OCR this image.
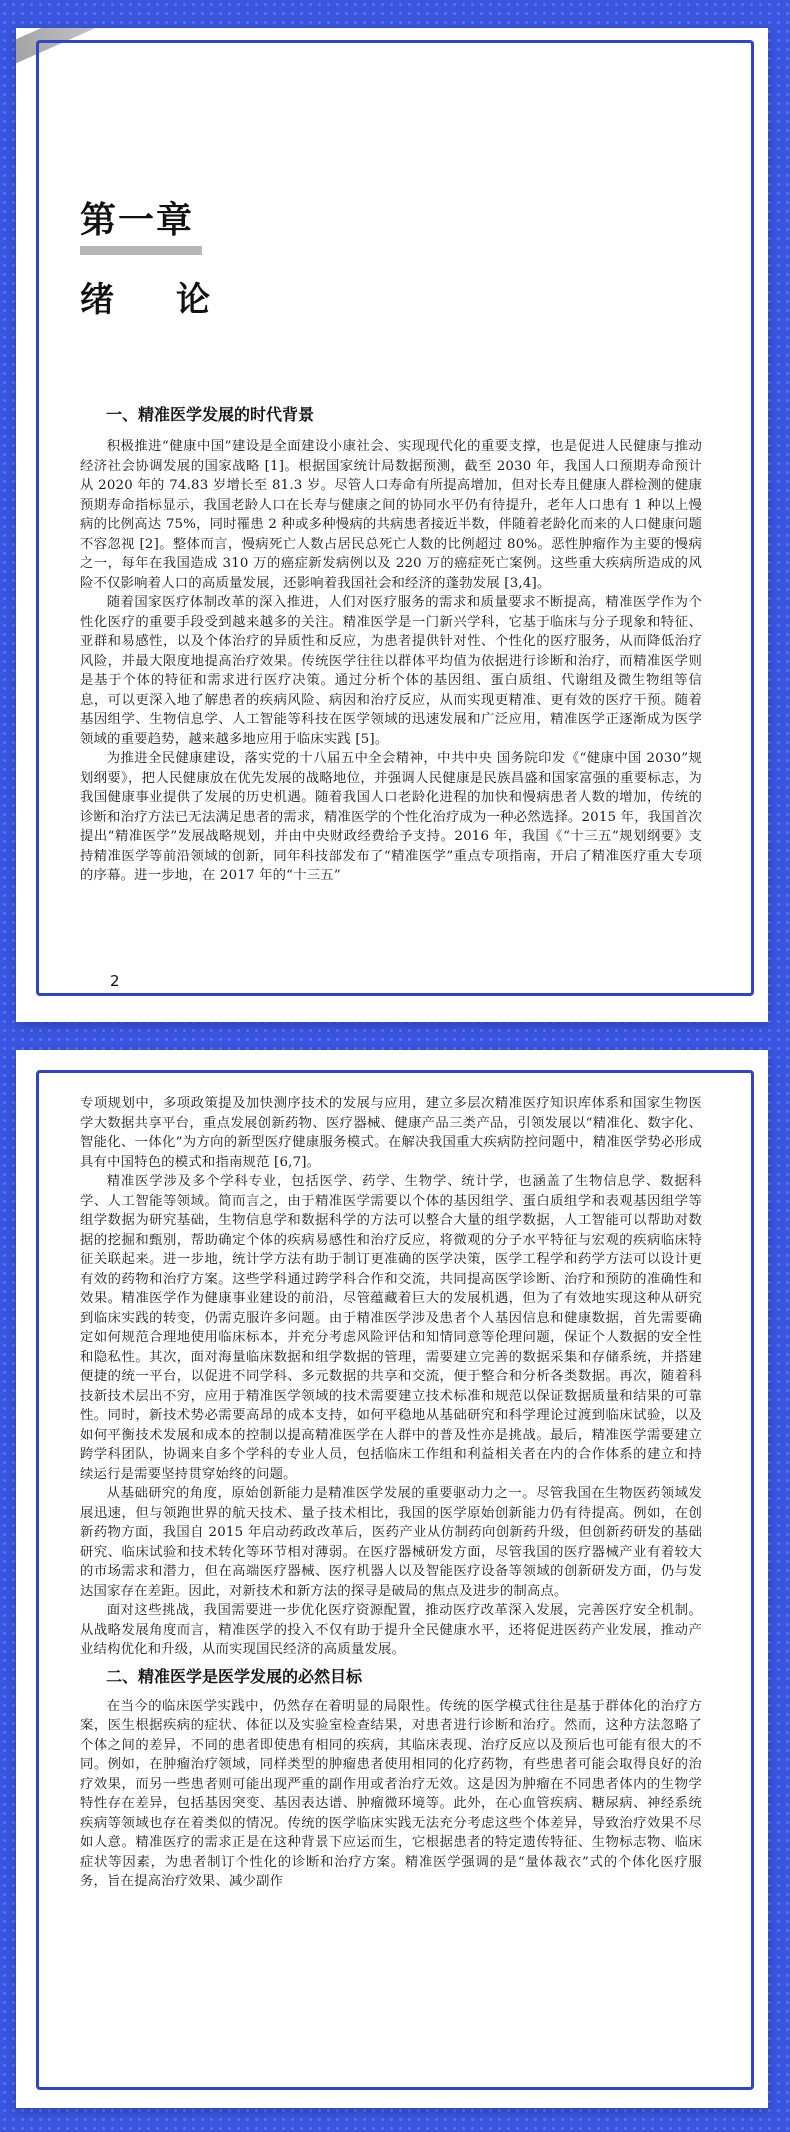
第一章
绪论
一、精准医学发展的时代背景

积极推进“健康中国”建设是全面建设小康社会、实现现代化的重要支撑，也是促进人民健康与推动经济社会协调发展的国家战略 [1]。根据国家统计局数据预测，截至 2030 年，我国人口预期寿命预计从 2020 年的 74.83 岁增长至 81.3 岁。尽管人口寿命有所提高增加，但对长寿且健康人群检测的健康预期寿命指标显示，我国老龄人口在长寿与健康之间的协同水平仍有待提升，老年人口患有 1 种以上慢病的比例高达 75%，同时罹患 2 种或多种慢病的共病患者接近半数，伴随着老龄化而来的人口健康问题不容忽视 [2]。整体而言，慢病死亡人数占居民总死亡人数的比例超过 80%。恶性肿瘤作为主要的慢病之一，每年在我国造成 310 万的癌症新发病例以及 220 万的癌症死亡案例。这些重大疾病所造成的风险不仅影响着人口的高质量发展，还影响着我国社会和经济的蓬勃发展 [3,4]。

随着国家医疗体制改革的深入推进，人们对医疗服务的需求和质量要求不断提高，精准医学作为个性化医疗的重要手段受到越来越多的关注。精准医学是一门新兴学科，它基于临床与分子现象和特征、亚群和易感性，以及个体治疗的异质性和反应，为患者提供针对性、个性化的医疗服务，从而降低治疗风险，并最大限度地提高治疗效果。传统医学往往以群体平均值为依据进行诊断和治疗，而精准医学则是基于个体的特征和需求进行医疗决策。通过分析个体的基因组、蛋白质组、代谢组及微生物组等信息，可以更深入地了解患者的疾病风险、病因和治疗反应，从而实现更精准、更有效的医疗干预。随着基因组学、生物信息学、人工智能等科技在医学领域的迅速发展和广泛应用，精准医学正逐渐成为医学领域的重要趋势，越来越多地应用于临床实践 [5]。

为推进全民健康建设，落实党的十八届五中全会精神，中共中央 国务院印发《“健康中国 2030”规划纲要》，把人民健康放在优先发展的战略地位，并强调人民健康是民族昌盛和国家富强的重要标志，为我国健康事业提供了发展的历史机遇。随着我国人口老龄化进程的加快和慢病患者人数的增加，传统的诊断和治疗方法已无法满足患者的需求，精准医学的个性化治疗成为一种必然选择。2015 年，我国首次提出“精准医学”发展战略规划，并由中央财政经费给予支持。2016 年，我国《“十三五”规划纲要》支持精准医学等前沿领域的创新，同年科技部发布了“精准医学”重点专项指南，开启了精准医疗重大专项的序幕。进一步地，在 2017 年的“十三五”

2

专项规划中，多项政策提及加快测序技术的发展与应用，建立多层次精准医疗知识库体系和国家生物医学大数据共享平台，重点发展创新药物、医疗器械、健康产品三类产品，引领发展以“精准化、数字化、智能化、一体化”为方向的新型医疗健康服务模式。在解决我国重大疾病防控问题中，精准医学势必形成具有中国特色的模式和指南规范 [6,7]。

精准医学涉及多个学科专业，包括医学、药学、生物学、统计学，也涵盖了生物信息学、数据科学、人工智能等领域。简而言之，由于精准医学需要以个体的基因组学、蛋白质组学和表观基因组学等组学数据为研究基础，生物信息学和数据科学的方法可以整合大量的组学数据，人工智能可以帮助对数据的挖掘和甄别，帮助确定个体的疾病易感性和治疗反应，将微观的分子水平特征与宏观的疾病临床特征关联起来。进一步地，统计学方法有助于制订更准确的医学决策，医学工程学和药学方法可以设计更有效的药物和治疗方案。这些学科通过跨学科合作和交流，共同提高医学诊断、治疗和预防的准确性和效果。精准医学作为健康事业建设的前沿，尽管蕴藏着巨大的发展机遇，但为了有效地实现这种从研究到临床实践的转变，仍需克服许多问题。由于精准医学涉及患者个人基因信息和健康数据，首先需要确定如何规范合理地使用临床标本，并充分考虑风险评估和知情同意等伦理问题，保证个人数据的安全性和隐私性。其次，面对海量临床数据和组学数据的管理，需要建立完善的数据采集和存储系统，并搭建便捷的统一平台，以促进不同学科、多元数据的共享和交流，便于整合和分析各类数据。再次，随着科技新技术层出不穷，应用于精准医学领域的技术需要建立技术标准和规范以保证数据质量和结果的可靠性。同时，新技术势必需要高昂的成本支持，如何平稳地从基础研究和科学理论过渡到临床试验，以及如何平衡技术发展和成本的控制以提高精准医学在人群中的普及性亦是挑战。最后，精准医学需要建立跨学科团队，协调来自多个学科的专业人员，包括临床工作组和利益相关者在内的合作体系的建立和持续运行是需要坚持贯穿始终的问题。

从基础研究的角度，原始创新能力是精准医学发展的重要驱动力之一。尽管我国在生物医药领域发展迅速，但与领跑世界的航天技术、量子技术相比，我国的医学原始创新能力仍有待提高。例如，在创新药物方面，我国自 2015 年启动药政改革后，医药产业从仿制药向创新药升级，但创新药研发的基础研究、临床试验和技术转化等环节相对薄弱。在医疗器械研发方面，尽管我国的医疗器械产业有着较大的市场需求和潜力，但在高端医疗器械、医疗机器人以及智能医疗设备等领域的创新研发方面，仍与发达国家存在差距。因此，对新技术和新方法的探寻是破局的焦点及进步的制高点。

面对这些挑战，我国需要进一步优化医疗资源配置，推动医疗改革深入发展，完善医疗安全机制。从战略发展角度而言，精准医学的投入不仅有助于提升全民健康水平，还将促进医药产业发展，推动产业结构优化和升级，从而实现国民经济的高质量发展。

二、精准医学是医学发展的必然目标

在当今的临床医学实践中，仍然存在着明显的局限性。传统的医学模式往往是基于群体化的治疗方案，医生根据疾病的症状、体征以及实验室检查结果，对患者进行诊断和治疗。然而，这种方法忽略了个体之间的差异，不同的患者即使患有相同的疾病，其临床表现、治疗反应以及预后也可能有很大的不同。例如，在肿瘤治疗领域，同样类型的肿瘤患者使用相同的化疗药物，有些患者可能会取得良好的治疗效果，而另一些患者则可能出现严重的副作用或者治疗无效。这是因为肿瘤在不同患者体内的生物学特性存在差异，包括基因突变、基因表达谱、肿瘤微环境等。此外，在心血管疾病、糖尿病、神经系统疾病等领域也存在着类似的情况。传统的医学临床实践无法充分考虑这些个体差异，导致治疗效果不尽如人意。精准医疗的需求正是在这种背景下应运而生，它根据患者的特定遗传特征、生物标志物、临床症状等因素，为患者制订个性化的诊断和治疗方案。精准医学强调的是“量体裁衣”式的个体化医疗服务，旨在提高治疗效果、减少副作
